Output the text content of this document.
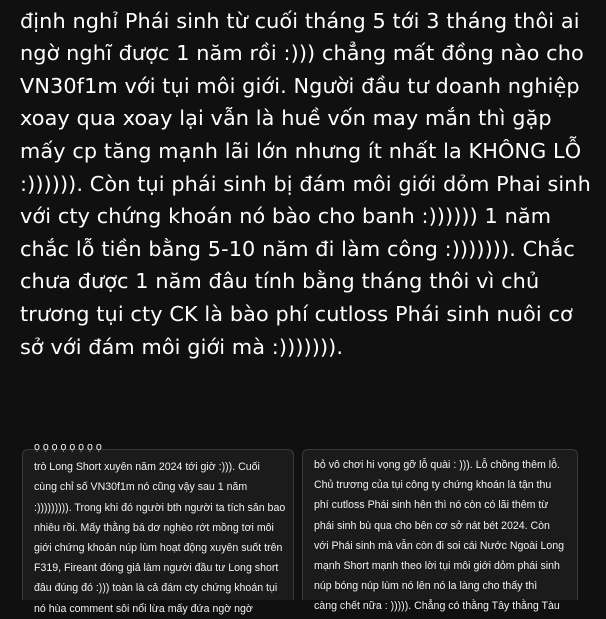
định nghỉ Phái sinh từ cuối tháng 5 tới 3 tháng thôi ai
ngờ nghĩ được 1 năm rồi :))) chẳng mất đồng nào cho
VN30f1m với tụi môi giới. Người đầu tư doanh nghiệp
xoay qua xoay lại vẫn là huề vốn may mắn thì gặp
mấy cp tăng mạnh lãi lớn nhưng ít nhất la KHÔNG LỖ
:)))))). Còn tụi phái sinh bị đám môi giới dỏm Phai sinh
với cty chứng khoán nó bào cho banh :)))))) 1 năm
chắc lỗ tiền bằng 5-10 năm đi làm công :))))))). Chắc
chưa được 1 năm đâu tính bằng tháng thôi vì chủ
trương tụi cty CK là bào phí cutloss Phái sinh nuôi cơ
sở với đám môi giới mà :))))))).
ọ ọ ọ ọ ọ ọ ọ ọ
trò Long Short xuyên năm 2024 tới giờ :))). Cuối
cùng chỉ số VN30f1m nó cũng vậy sau 1 năm
:))))))))). Trong khi đó người bth người ta tích sản bao
nhiêu rồi. Mấy thằng bá dơ nghèo rớt mồng tơi môi
giới chứng khoán núp lùm hoạt động xuyên suốt trên
F319, Fireant đóng giả làm người đầu tư Long short
đâu đúng đó :))) toàn là cả đám cty chứng khoán tụi
nó hùa comment sôi nổi lừa mấy đứa ngờ ngờ
bỏ vô chơi hi vọng gỡ lỗ quài : ))). Lỗ chồng thêm lỗ.
Chủ trương của tụi công ty chứng khoán là tận thu
phí cutloss Phái sinh hên thì nó còn có lãi thêm từ
phái sinh bù qua cho bên cơ sở nát bét 2024. Còn
với Phái sinh mà vẫn còn đi soi cái Nước Ngoài Long
mạnh Short mạnh theo lời tụi môi giới dỏm phái sinh
núp bóng núp lùm nó lên nó la làng cho thấy thì
càng chết nữa : ))))). Chẳng có thằng Tây thằng Tàu
